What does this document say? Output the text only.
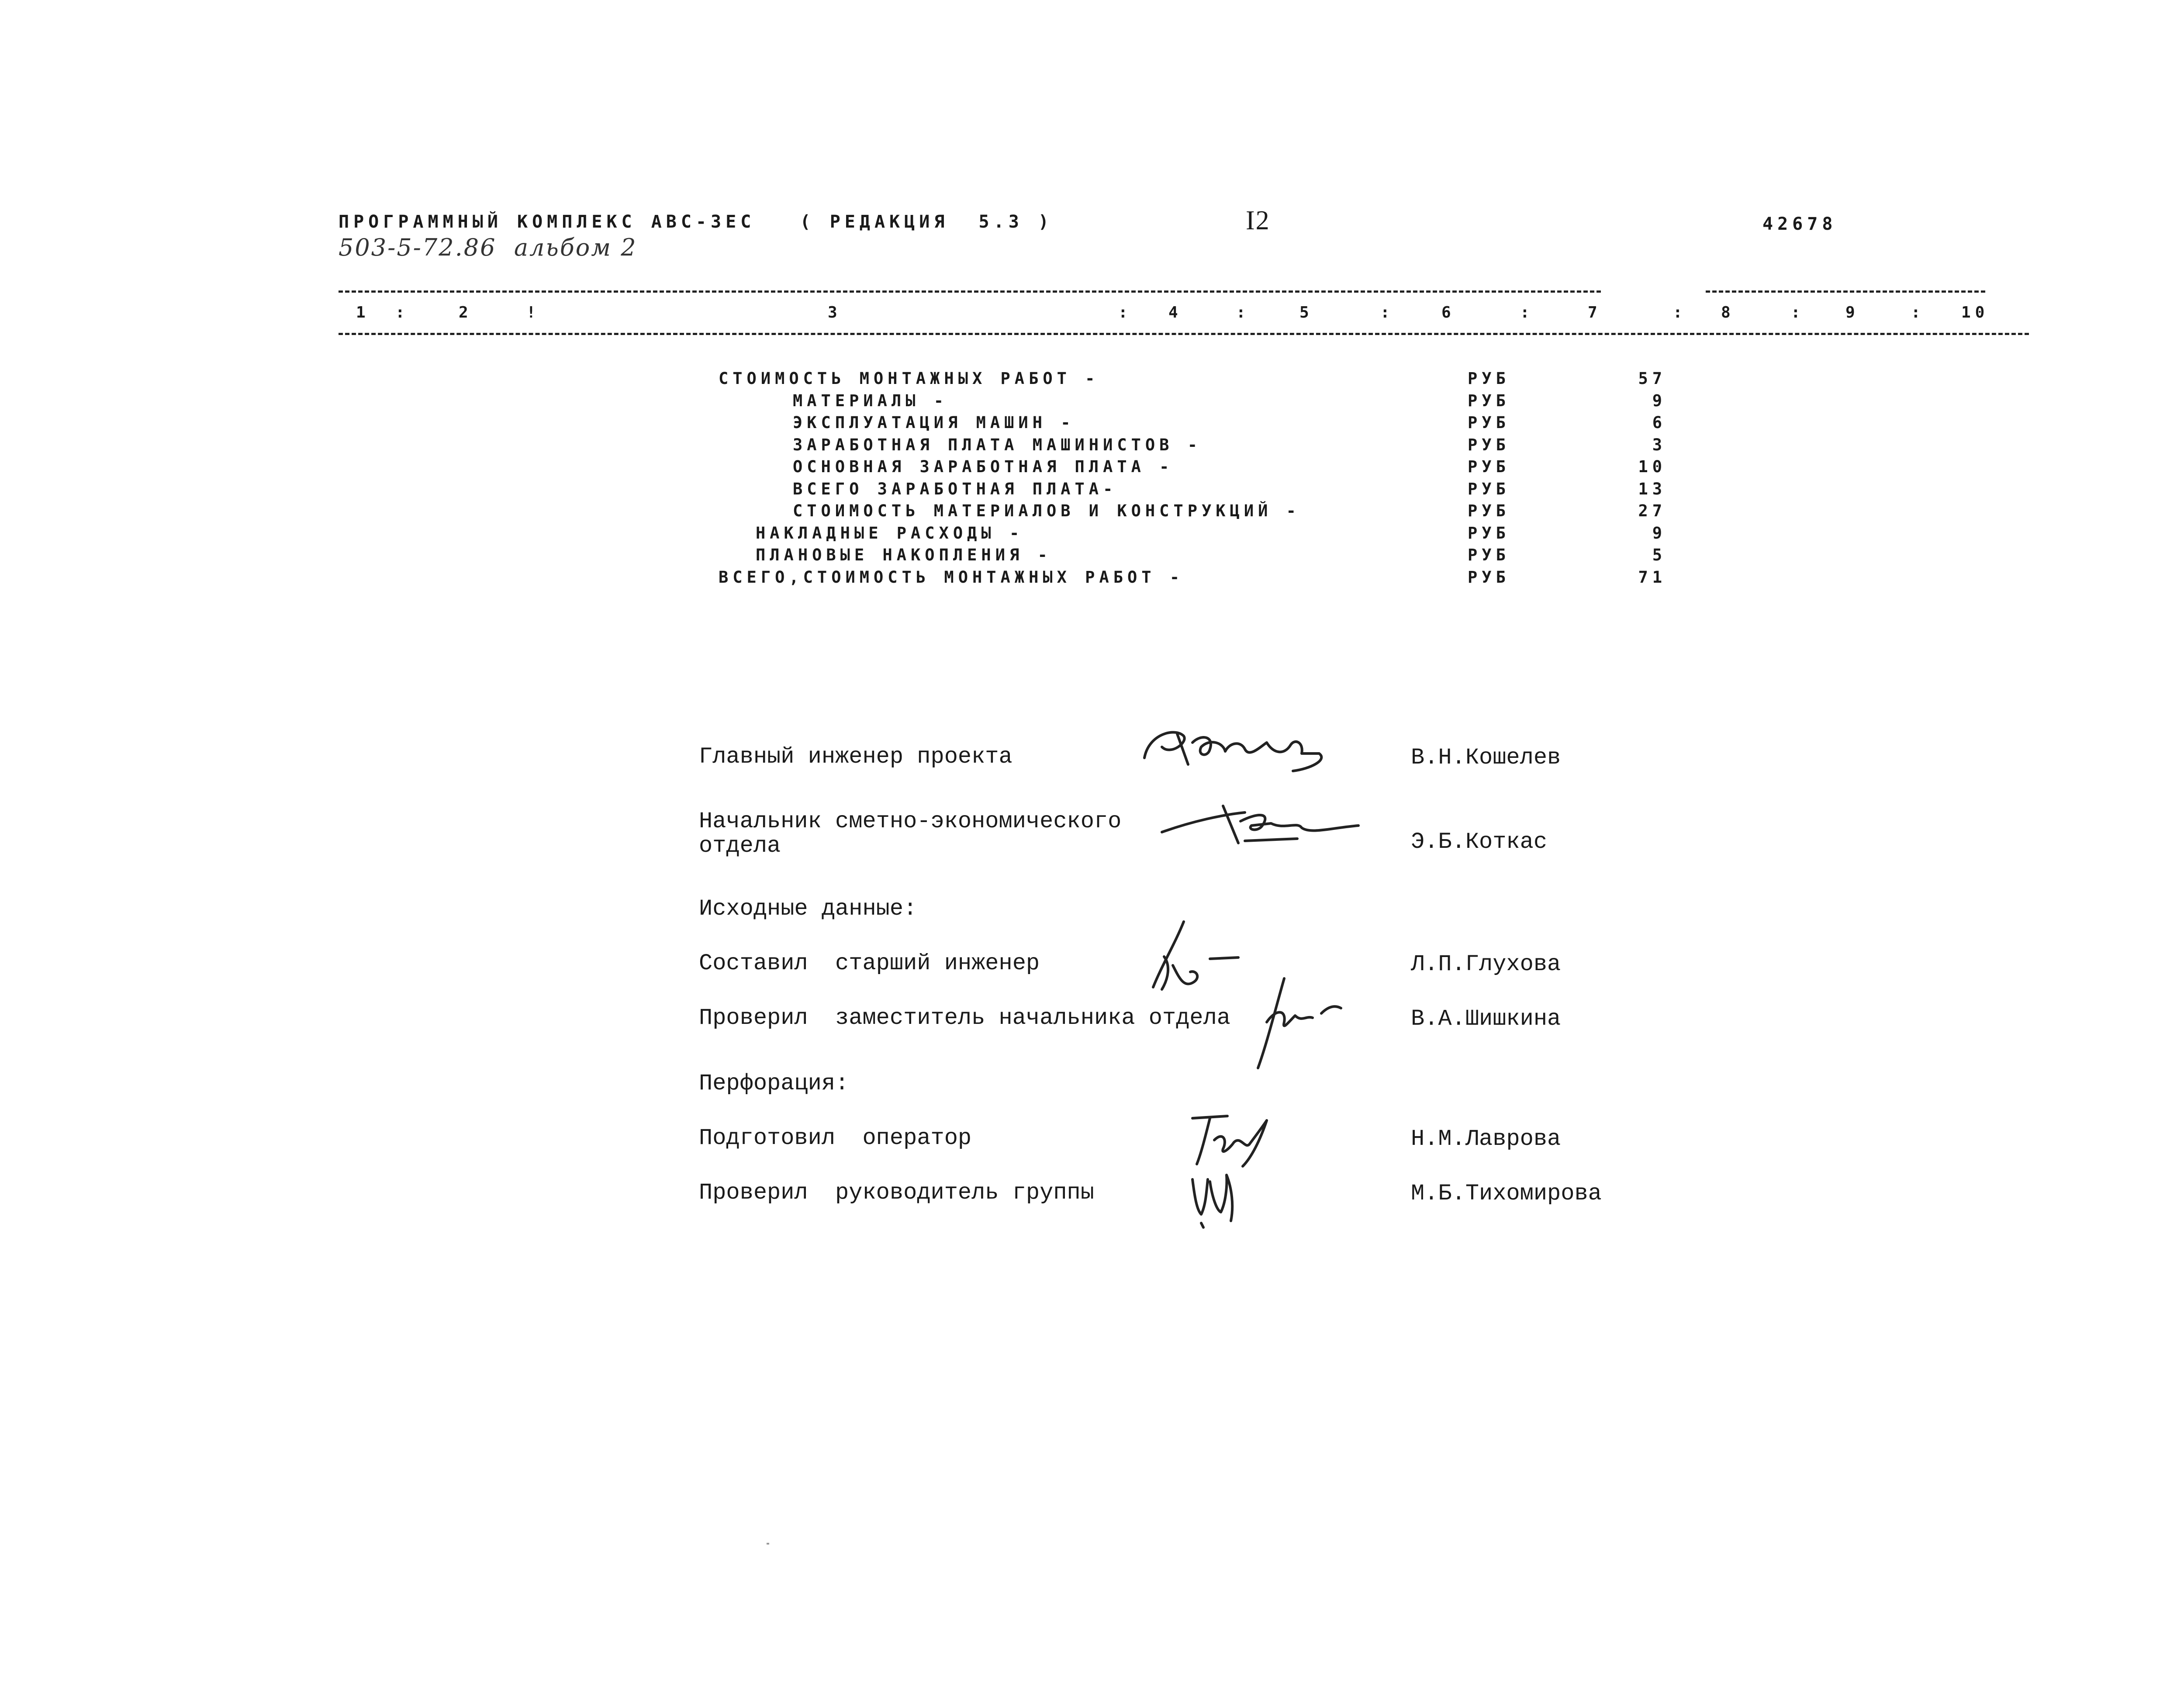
ПРОГРАММНЫЙ КОМПЛЕКС АВС-3ЕС   ( РЕДАКЦИЯ  5.3 )	I2	42678
503-5-72.86  альбом 2
1 :	2	!	3	: 4	:	5	:	6	:	7	: 8	:	9	: 10
СТОИМОСТЬ МОНТАЖНЫХ РАБОТ -	РУБ	57
МАТЕРИАЛЫ -	РУБ	9
ЭКСПЛУАТАЦИЯ МАШИН -	РУБ	6
ЗАРАБОТНАЯ ПЛАТА МАШИНИСТОВ -	РУБ	3
ОСНОВНАЯ ЗАРАБОТНАЯ ПЛАТА -	РУБ	10
ВСЕГО ЗАРАБОТНАЯ ПЛАТА-	РУБ	13
СТОИМОСТЬ МАТЕРИАЛОВ И КОНСТРУКЦИЙ -	РУБ	27
НАКЛАДНЫЕ РАСХОДЫ -	РУБ	9
ПЛАНОВЫЕ НАКОПЛЕНИЯ -	РУБ	5
ВСЕГО,СТОИМОСТЬ МОНТАЖНЫХ РАБОТ -	РУБ	71
Главный инженер проекта	В.Н.Кошелев
Начальник сметно-экономического
отдела	Э.Б.Коткас
Исходные данные:
Составил  старший инженер	Л.П.Глухова
Проверил  заместитель начальника отдела	В.А.Шишкина
Перфорация:
Подготовил  оператор	Н.М.Лаврова
Проверил  руководитель группы	М.Б.Тихомирова
